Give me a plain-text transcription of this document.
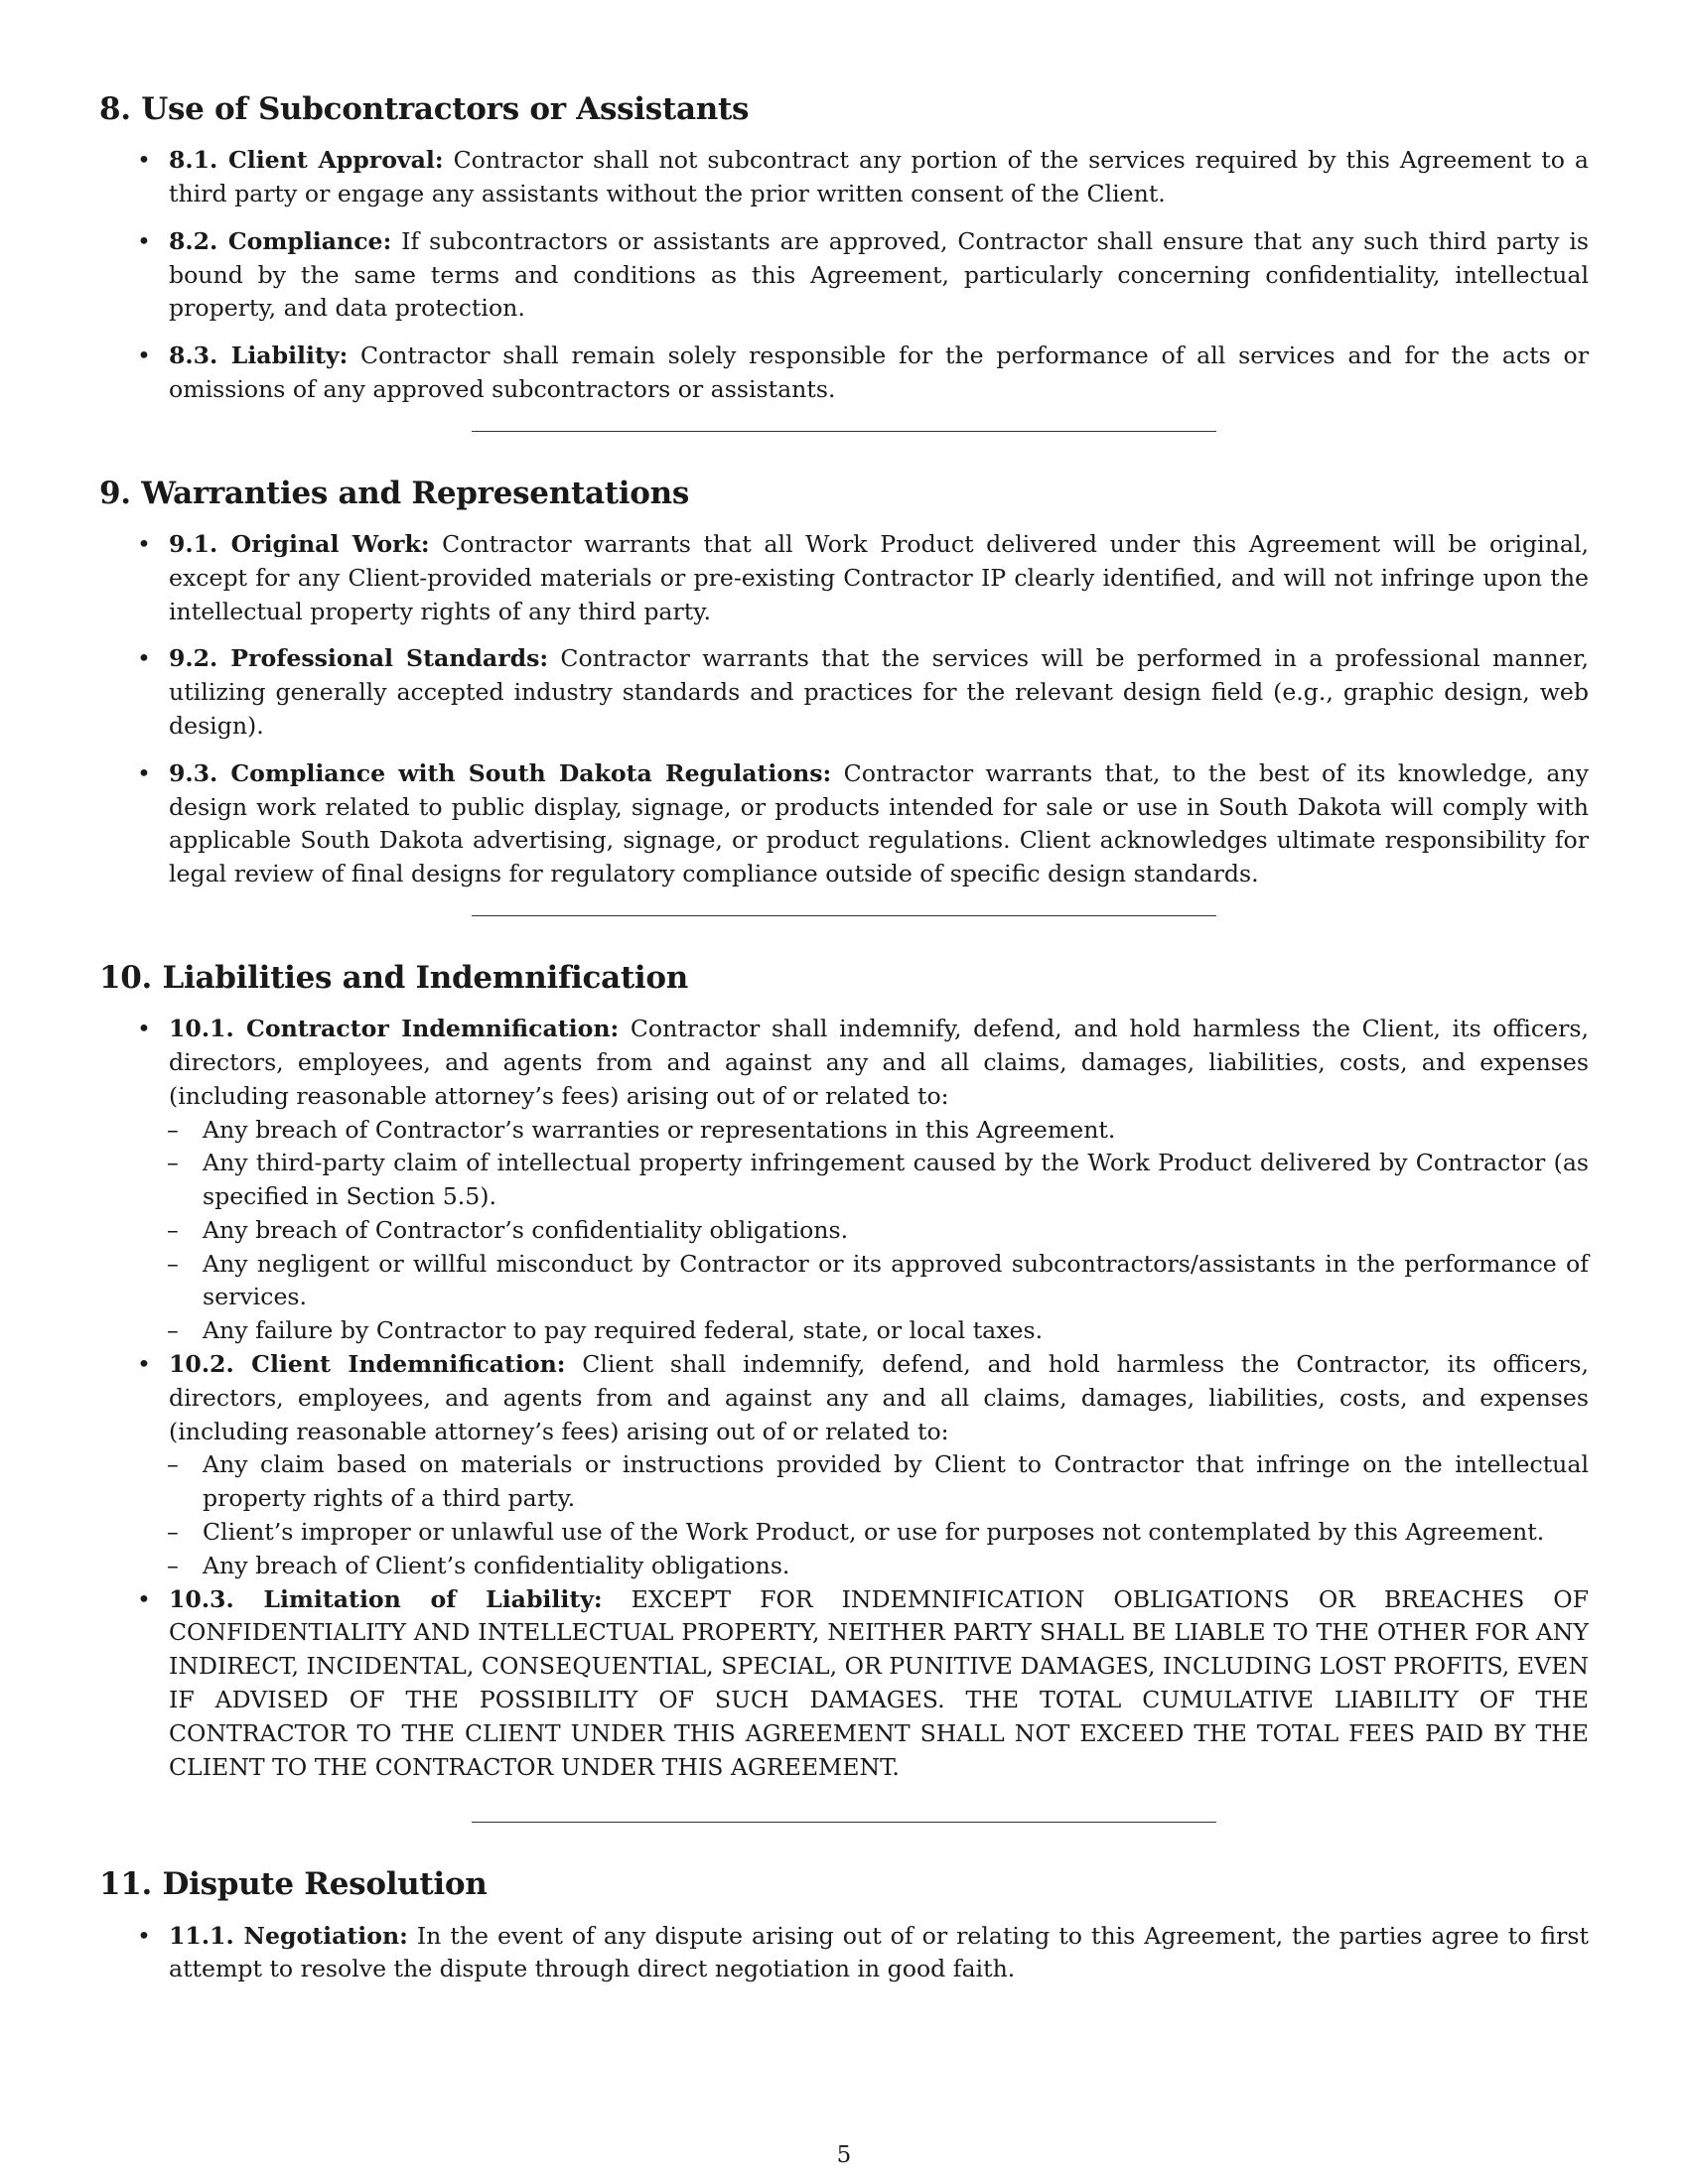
8. Use of Subcontractors or Assistants
• 8.1. Client Approval: Contractor shall not subcontract any portion of the services required by this Agreement to a third party or engage any assistants without the prior written consent of the Client.
• 8.2. Compliance: If subcontractors or assistants are approved, Contractor shall ensure that any such third party is bound by the same terms and conditions as this Agreement, particularly concerning confidentiality, intellectual property, and data protection.
• 8.3. Liability: Contractor shall remain solely responsible for the performance of all services and for the acts or omissions of any approved subcontractors or assistants.
9. Warranties and Representations
• 9.1. Original Work: Contractor warrants that all Work Product delivered under this Agreement will be original, except for any Client-provided materials or pre-existing Contractor IP clearly identified, and will not infringe upon the intellectual property rights of any third party.
• 9.2. Professional Standards: Contractor warrants that the services will be performed in a professional manner, utilizing generally accepted industry standards and practices for the relevant design field (e.g., graphic design, web design).
• 9.3. Compliance with South Dakota Regulations: Contractor warrants that, to the best of its knowledge, any design work related to public display, signage, or products intended for sale or use in South Dakota will comply with applicable South Dakota advertising, signage, or product regulations. Client acknowledges ultimate responsibility for legal review of final designs for regulatory compliance outside of specific design standards.
10. Liabilities and Indemnification
• 10.1. Contractor Indemnification: Contractor shall indemnify, defend, and hold harmless the Client, its officers, directors, employees, and agents from and against any and all claims, damages, liabilities, costs, and expenses (including reasonable attorney’s fees) arising out of or related to:
– Any breach of Contractor’s warranties or representations in this Agreement.
– Any third-party claim of intellectual property infringement caused by the Work Product delivered by Contractor (as specified in Section 5.5).
– Any breach of Contractor’s confidentiality obligations.
– Any negligent or willful misconduct by Contractor or its approved subcontractors/assistants in the performance of services.
– Any failure by Contractor to pay required federal, state, or local taxes.
• 10.2. Client Indemnification: Client shall indemnify, defend, and hold harmless the Contractor, its officers, directors, employees, and agents from and against any and all claims, damages, liabilities, costs, and expenses (including reasonable attorney’s fees) arising out of or related to:
– Any claim based on materials or instructions provided by Client to Contractor that infringe on the intellectual property rights of a third party.
– Client’s improper or unlawful use of the Work Product, or use for purposes not contemplated by this Agreement.
– Any breach of Client’s confidentiality obligations.
• 10.3. Limitation of Liability: EXCEPT FOR INDEMNIFICATION OBLIGATIONS OR BREACHES OF CONFIDENTIALITY AND INTELLECTUAL PROPERTY, NEITHER PARTY SHALL BE LIABLE TO THE OTHER FOR ANY INDIRECT, INCIDENTAL, CONSEQUENTIAL, SPECIAL, OR PUNITIVE DAMAGES, INCLUDING LOST PROFITS, EVEN IF ADVISED OF THE POSSIBILITY OF SUCH DAMAGES. THE TOTAL CUMULATIVE LIABILITY OF THE CONTRACTOR TO THE CLIENT UNDER THIS AGREEMENT SHALL NOT EXCEED THE TOTAL FEES PAID BY THE CLIENT TO THE CONTRACTOR UNDER THIS AGREEMENT.
11. Dispute Resolution
• 11.1. Negotiation: In the event of any dispute arising out of or relating to this Agreement, the parties agree to first attempt to resolve the dispute through direct negotiation in good faith.
5
